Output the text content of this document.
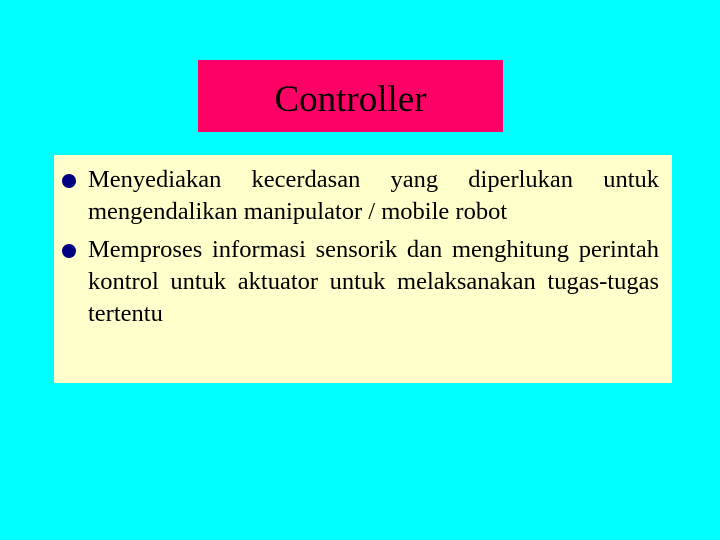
Controller
Menyediakan kecerdasan yang diperlukan untuk mengendalikan manipulator / mobile robot
Memproses informasi sensorik dan menghitung perintah kontrol untuk aktuator untuk melaksanakan tugas-tugas tertentu
